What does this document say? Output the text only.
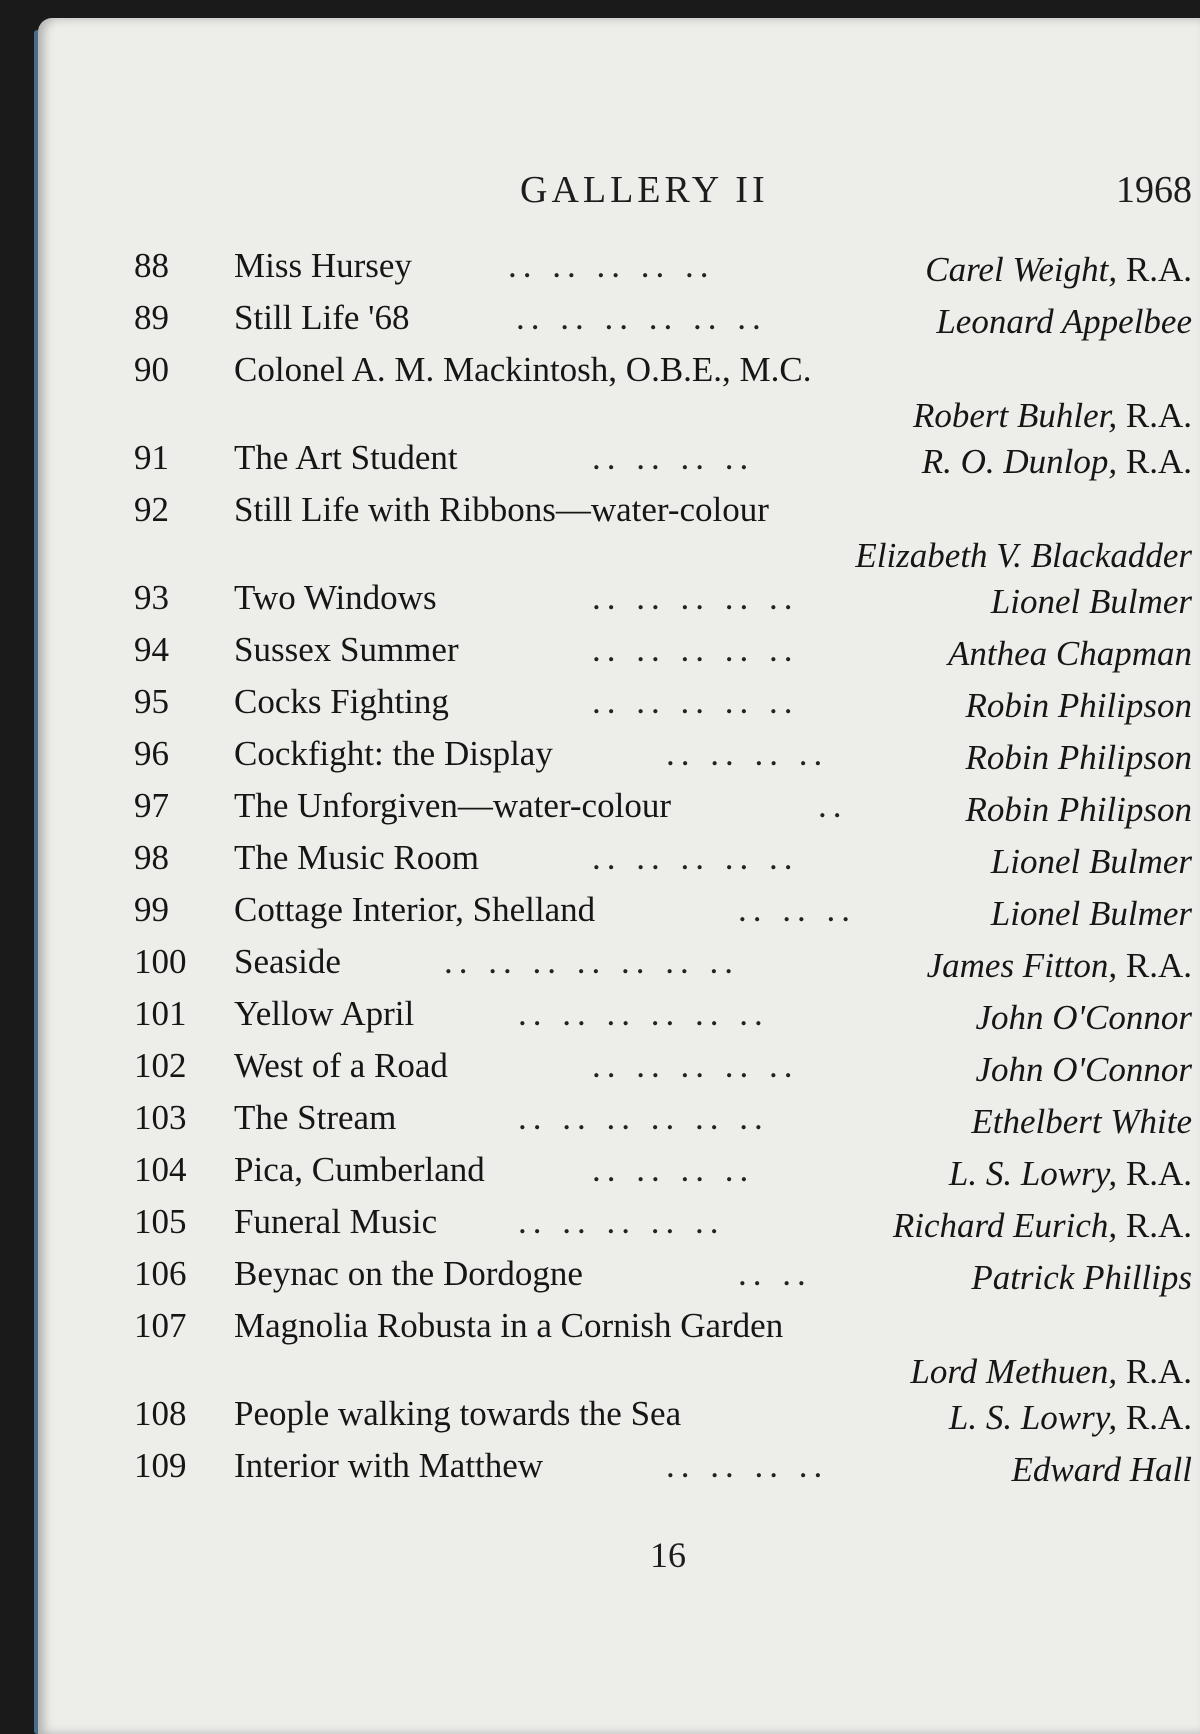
GALLERY II	1968
88	Miss Hursey	.. .. .. .. ..	Carel Weight, R.A.
89	Still Life '68	.. .. .. .. .. ..	Leonard Appelbee
90	Colonel A. M. Mackintosh, O.B.E., M.C.
Robert Buhler, R.A.
91	The Art Student	.. .. .. ..	R. O. Dunlop, R.A.
92	Still Life with Ribbons—water-colour
Elizabeth V. Blackadder
93	Two Windows	.. .. .. .. ..	Lionel Bulmer
94	Sussex Summer	.. .. .. .. ..	Anthea Chapman
95	Cocks Fighting	.. .. .. .. ..	Robin Philipson
96	Cockfight: the Display	.. .. .. ..	Robin Philipson
97	The Unforgiven—water-colour	..	Robin Philipson
98	The Music Room	.. .. .. .. ..	Lionel Bulmer
99	Cottage Interior, Shelland	.. .. ..	Lionel Bulmer
100	Seaside	.. .. .. .. .. .. ..	James Fitton, R.A.
101	Yellow April	.. .. .. .. .. ..	John O'Connor
102	West of a Road	.. .. .. .. ..	John O'Connor
103	The Stream	.. .. .. .. .. ..	Ethelbert White
104	Pica, Cumberland	.. .. .. ..	L. S. Lowry, R.A.
105	Funeral Music .. .. .. .. ..	Richard Eurich, R.A.
106	Beynac on the Dordogne	.. ..	Patrick Phillips
107	Magnolia Robusta in a Cornish Garden
Lord Methuen, R.A.
108	People walking towards the Sea	L. S. Lowry, R.A.
109	Interior with Matthew	.. .. .. ..	Edward Hall
16
